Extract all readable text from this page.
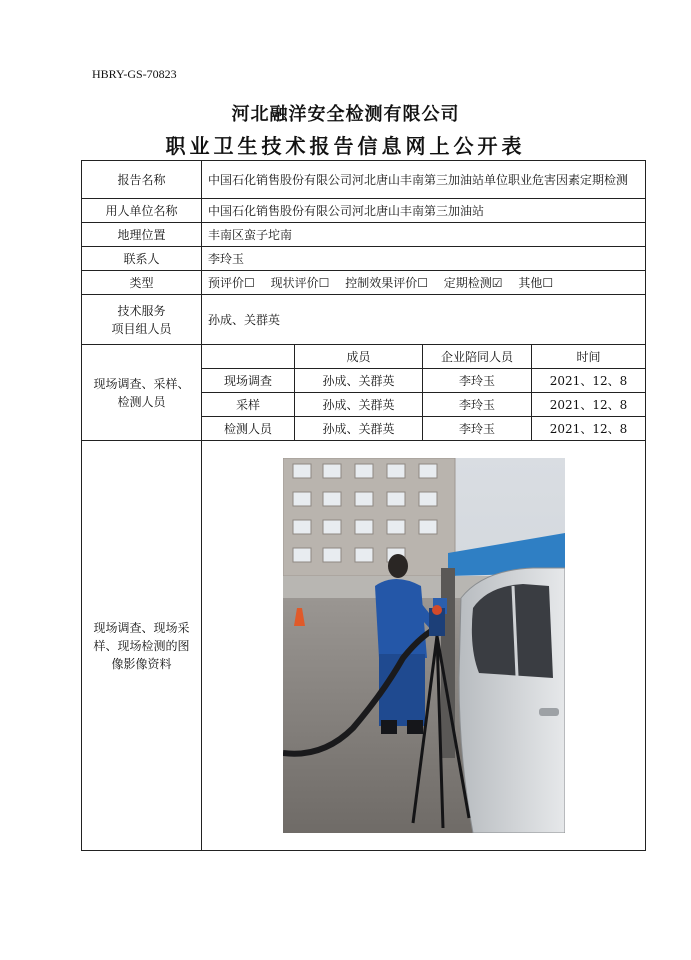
HBRY-GS-70823
河北融洋安全检测有限公司
职业卫生技术报告信息网上公开表
报告名称	中国石化销售股份有限公司河北唐山丰南第三加油站单位职业危害因素定期检测			
用人单位名称	中国石化销售股份有限公司河北唐山丰南第三加油站			
地理位置	丰南区蛮子坨南			
联系人	李玲玉			
类型	预评价☐ 现状评价☐ 控制效果评价☐ 定期检测☑ 其他☐			

技术服务
项目组人员	孙成、关群英			

现场调查、采样、
检测人员		成员	企业陪同人员	时间
	现场调查	孙成、关群英	李玲玉	2021、12、8
	采样	孙成、关群英	李玲玉	2021、12、8
	检测人员	孙成、关群英	李玲玉	2021、12、8

现场调查、现场采
样、现场检测的图
像影像资料
